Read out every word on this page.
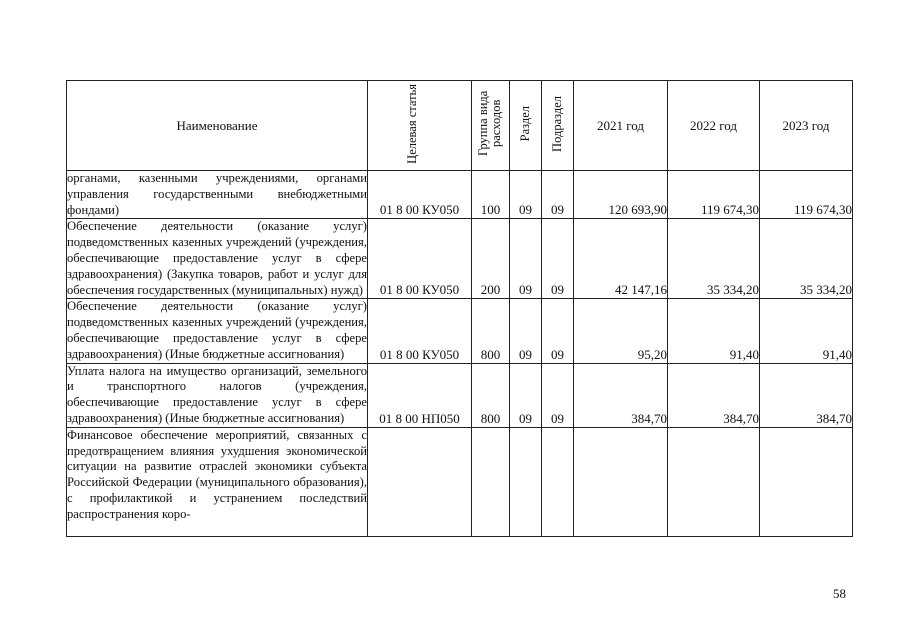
Наименование	Целевая статья	Группа вида расходов	Раздел	Подраздел	2021 год	2022 год	2023 год
органами, казенными учреждениями, органами управления государственными внебюджетными фондами)	01 8 00 КУ050	100	09	09	120 693,90	119 674,30	119 674,30
Обеспечение деятельности (оказание услуг) подведомственных казенных учреждений (учреждения, обеспечивающие предоставление услуг в сфере здравоохранения) (Закупка товаров, работ и услуг для обеспечения государственных (муниципальных) нужд)	01 8 00 КУ050	200	09	09	42 147,16	35 334,20	35 334,20
Обеспечение деятельности (оказание услуг) подведомственных казенных учреждений (учреждения, обеспечивающие предоставление услуг в сфере здравоохранения) (Иные бюджетные ассигнования)	01 8 00 КУ050	800	09	09	95,20	91,40	91,40
Уплата налога на имущество организаций, земельного и транспортного налогов (учреждения, обеспечивающие предоставление услуг в сфере здравоохранения) (Иные бюджетные ассигнования)	01 8 00 НП050	800	09	09	384,70	384,70	384,70
Финансовое обеспечение мероприятий, связанных с предотвращением влияния ухудшения экономической ситуации на развитие отраслей экономики субъекта Российской Федерации (муниципального образования), с профилактикой и устранением последствий распространения коро-							
58
